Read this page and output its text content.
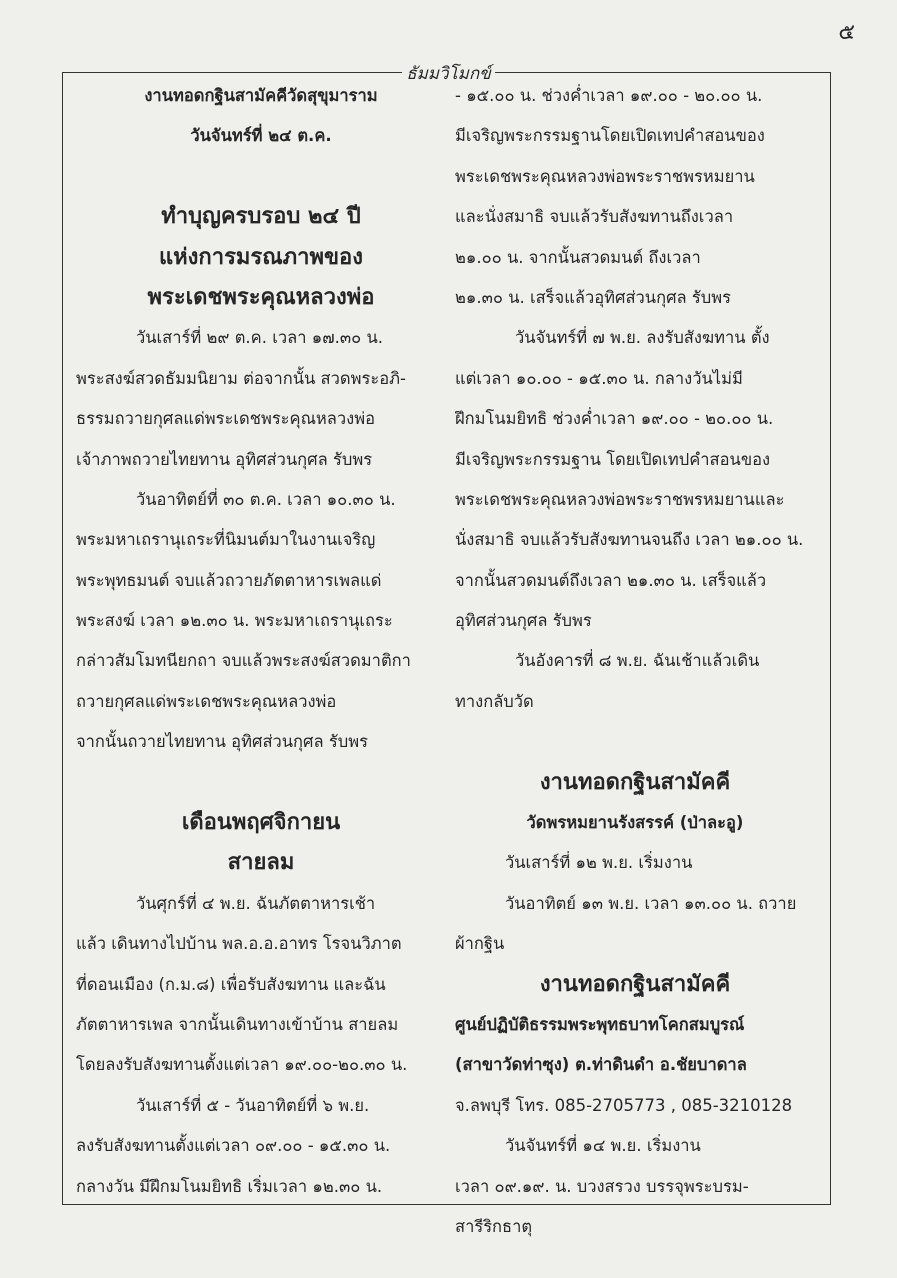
๕
ธัมมวิโมกข์
งานทอดกฐินสามัคคีวัดสุขุมาราม
วันจันทร์ที่ ๒๔ ต.ค.
ทำบุญครบรอบ ๒๔ ปี
แห่งการมรณภาพของ
พระเดชพระคุณหลวงพ่อ
วันเสาร์ที่ ๒๙ ต.ค. เวลา ๑๗.๓๐ น.
พระสงฆ์สวดธัมมนิยาม ต่อจากนั้น สวดพระอภิ-
ธรรมถวายกุศลแด่พระเดชพระคุณหลวงพ่อ
เจ้าภาพถวายไทยทาน อุทิศส่วนกุศล รับพร
วันอาทิตย์ที่ ๓๐ ต.ค. เวลา ๑๐.๓๐ น.
พระมหาเถรานุเถระที่นิมนต์มาในงานเจริญ
พระพุทธมนต์ จบแล้วถวายภัตตาหารเพลแด่
พระสงฆ์ เวลา ๑๒.๓๐ น. พระมหาเถรานุเถระ
กล่าวสัมโมทนียกถา จบแล้วพระสงฆ์สวดมาติกา
ถวายกุศลแด่พระเดชพระคุณหลวงพ่อ
จากนั้นถวายไทยทาน อุทิศส่วนกุศล รับพร
เดือนพฤศจิกายน
สายลม
วันศุกร์ที่ ๔ พ.ย. ฉันภัตตาหารเช้า
แล้ว เดินทางไปบ้าน พล.อ.อ.อาทร โรจนวิภาต
ที่ดอนเมือง (ก.ม.๘) เพื่อรับสังฆทาน และฉัน
ภัตตาหารเพล จากนั้นเดินทางเข้าบ้าน สายลม
โดยลงรับสังฆทานตั้งแต่เวลา ๑๙.๐๐-๒๐.๓๐ น.
วันเสาร์ที่ ๕ - วันอาทิตย์ที่ ๖ พ.ย.
ลงรับสังฆทานตั้งแต่เวลา ๐๙.๐๐ - ๑๕.๓๐ น.
กลางวัน มีฝึกมโนมยิทธิ เริ่มเวลา ๑๒.๓๐ น.
- ๑๕.๐๐ น. ช่วงค่ำเวลา ๑๙.๐๐ - ๒๐.๐๐ น.
มีเจริญพระกรรมฐานโดยเปิดเทปคำสอนของ
พระเดชพระคุณหลวงพ่อพระราชพรหมยาน
และนั่งสมาธิ จบแล้วรับสังฆทานถึงเวลา
๒๑.๐๐ น. จากนั้นสวดมนต์ ถึงเวลา
๒๑.๓๐ น. เสร็จแล้วอุทิศส่วนกุศล รับพร
วันจันทร์ที่ ๗ พ.ย. ลงรับสังฆทาน ตั้ง
แต่เวลา ๑๐.๐๐ - ๑๕.๓๐ น. กลางวันไม่มี
ฝึกมโนมยิทธิ ช่วงค่ำเวลา ๑๙.๐๐ - ๒๐.๐๐ น.
มีเจริญพระกรรมฐาน โดยเปิดเทปคำสอนของ
พระเดชพระคุณหลวงพ่อพระราชพรหมยานและ
นั่งสมาธิ จบแล้วรับสังฆทานจนถึง เวลา ๒๑.๐๐ น.
จากนั้นสวดมนต์ถึงเวลา ๒๑.๓๐ น. เสร็จแล้ว
อุทิศส่วนกุศล รับพร
วันอังคารที่ ๘ พ.ย. ฉันเช้าแล้วเดิน
ทางกลับวัด
งานทอดกฐินสามัคคี
วัดพรหมยานรังสรรค์ (ป่าละอู)
วันเสาร์ที่ ๑๒ พ.ย. เริ่มงาน
วันอาทิตย์ ๑๓ พ.ย. เวลา ๑๓.๐๐ น. ถวาย
ผ้ากฐิน
งานทอดกฐินสามัคคี
ศูนย์ปฏิบัติธรรมพระพุทธบาทโคกสมบูรณ์
(สาขาวัดท่าซุง) ต.ท่าดินดำ อ.ชัยบาดาล
จ.ลพบุรี โทร. 085-2705773 , 085-3210128
วันจันทร์ที่ ๑๔ พ.ย. เริ่มงาน
เวลา ๐๙.๑๙. น. บวงสรวง บรรจุพระบรม-
สารีริกธาตุ
